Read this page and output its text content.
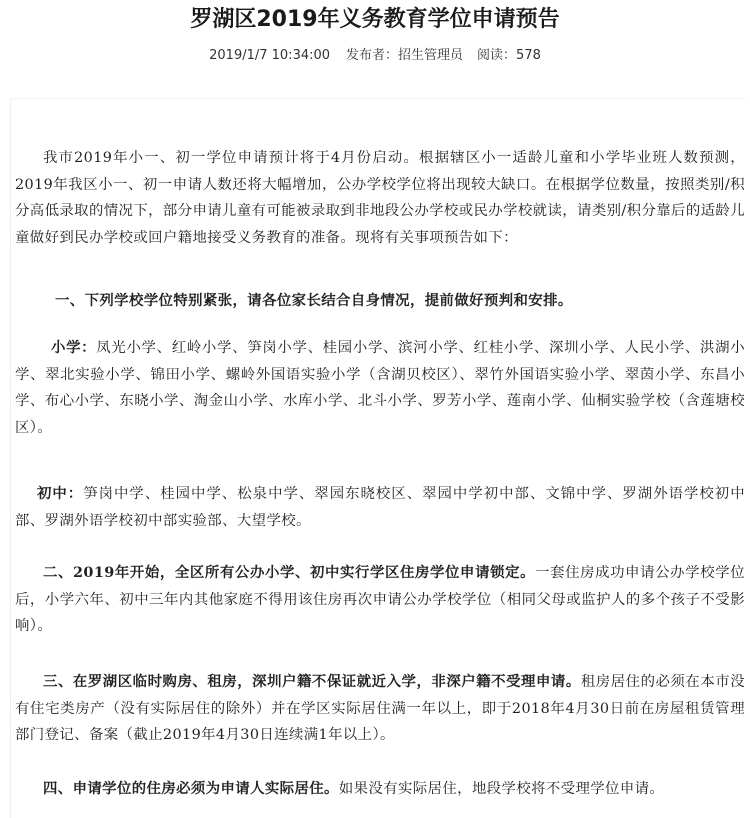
罗湖区2019年义务教育学位申请预告
2019/1/7 10:34:00 发布者：招生管理员 阅读：578

我市2019年小一、初一学位申请预计将于4月份启动。根据辖区小一适龄儿童和小学毕业班人数预测，2019年我区小一、初一申请人数还将大幅增加，公办学校学位将出现较大缺口。在根据学位数量，按照类别/积分高低录取的情况下，部分申请儿童有可能被录取到非地段公办学校或民办学校就读，请类别/积分靠后的适龄儿童做好到民办学校或回户籍地接受义务教育的准备。现将有关事项预告如下：

一、下列学校学位特别紧张，请各位家长结合自身情况，提前做好预判和安排。

小学：凤光小学、红岭小学、笋岗小学、桂园小学、滨河小学、红桂小学、深圳小学、人民小学、洪湖小学、翠北实验小学、锦田小学、螺岭外国语实验小学（含湖贝校区）、翠竹外国语实验小学、翠茵小学、东昌小学、布心小学、东晓小学、淘金山小学、水库小学、北斗小学、罗芳小学、莲南小学、仙桐实验学校（含莲塘校区）。

初中：笋岗中学、桂园中学、松泉中学、翠园东晓校区、翠园中学初中部、文锦中学、罗湖外语学校初中部、罗湖外语学校初中部实验部、大望学校。

二、2019年开始，全区所有公办小学、初中实行学区住房学位申请锁定。一套住房成功申请公办学校学位后，小学六年、初中三年内其他家庭不得用该住房再次申请公办学校学位（相同父母或监护人的多个孩子不受影响）。

三、在罗湖区临时购房、租房，深圳户籍不保证就近入学，非深户籍不受理申请。租房居住的必须在本市没有住宅类房产（没有实际居住的除外）并在学区实际居住满一年以上，即于2018年4月30日前在房屋租赁管理部门登记、备案（截止2019年4月30日连续满1年以上）。

四、申请学位的住房必须为申请人实际居住。如果没有实际居住，地段学校将不受理学位申请。
